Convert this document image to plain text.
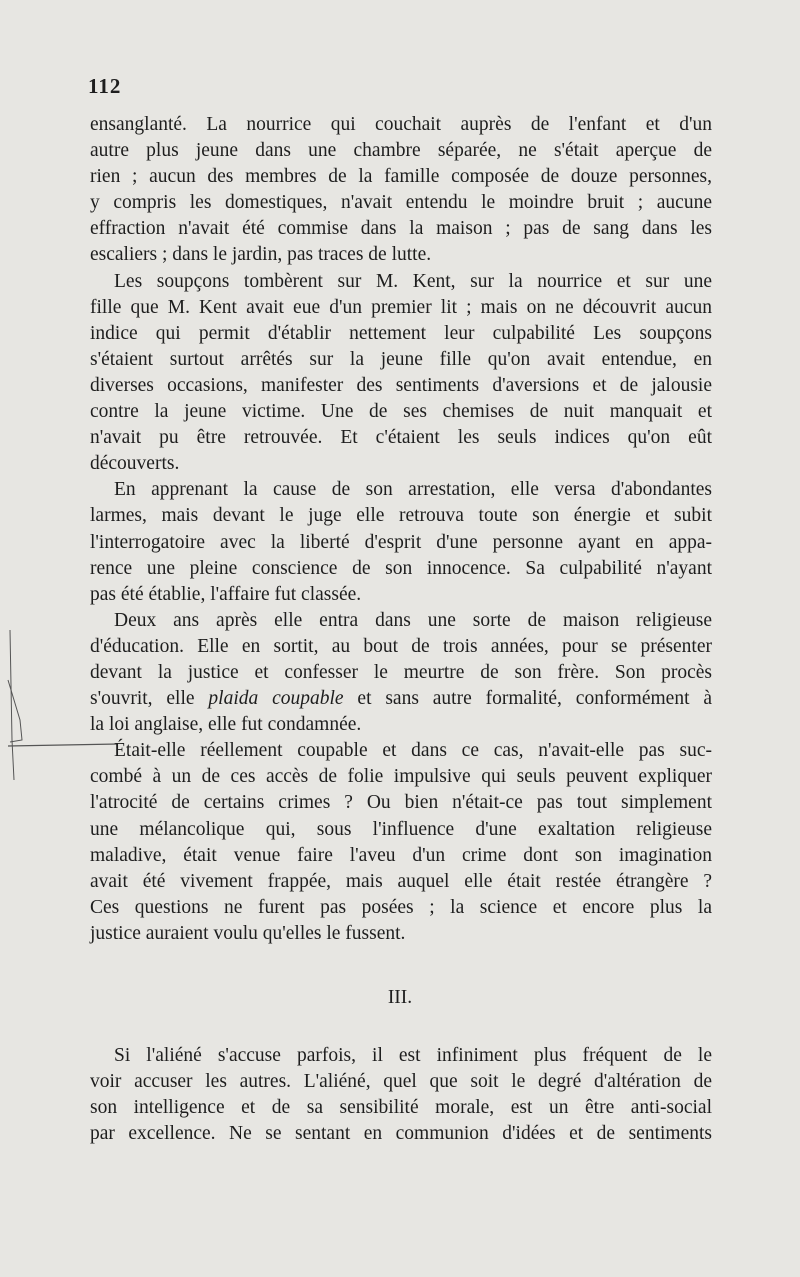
112
ensanglanté. La nourrice qui couchait auprès de l'enfant et d'un
autre plus jeune dans une chambre séparée, ne s'était aperçue de
rien ; aucun des membres de la famille composée de douze personnes,
y compris les domestiques, n'avait entendu le moindre bruit ; aucune
effraction n'avait été commise dans la maison ; pas de sang dans les
escaliers ; dans le jardin, pas traces de lutte.
Les soupçons tombèrent sur M. Kent, sur la nourrice et sur une
fille que M. Kent avait eue d'un premier lit ; mais on ne découvrit aucun
indice qui permit d'établir nettement leur culpabilité Les soupçons
s'étaient surtout arrêtés sur la jeune fille qu'on avait entendue, en
diverses occasions, manifester des sentiments d'aversions et de jalousie
contre la jeune victime. Une de ses chemises de nuit manquait et
n'avait pu être retrouvée. Et c'étaient les seuls indices qu'on eût
découverts.
En apprenant la cause de son arrestation, elle versa d'abondantes
larmes, mais devant le juge elle retrouva toute son énergie et subit
l'interrogatoire avec la liberté d'esprit d'une personne ayant en appa-
rence une pleine conscience de son innocence. Sa culpabilité n'ayant
pas été établie, l'affaire fut classée.
Deux ans après elle entra dans une sorte de maison religieuse
d'éducation. Elle en sortit, au bout de trois années, pour se présenter
devant la justice et confesser le meurtre de son frère. Son procès
s'ouvrit, elle plaida coupable et sans autre formalité, conformément à
la loi anglaise, elle fut condamnée.
Était-elle réellement coupable et dans ce cas, n'avait-elle pas suc-
combé à un de ces accès de folie impulsive qui seuls peuvent expliquer
l'atrocité de certains crimes ? Ou bien n'était-ce pas tout simplement
une mélancolique qui, sous l'influence d'une exaltation religieuse
maladive, était venue faire l'aveu d'un crime dont son imagination
avait été vivement frappée, mais auquel elle était restée étrangère ?
Ces questions ne furent pas posées ; la science et encore plus la
justice auraient voulu qu'elles le fussent.
III.
Si l'aliéné s'accuse parfois, il est infiniment plus fréquent de le
voir accuser les autres. L'aliéné, quel que soit le degré d'altération de
son intelligence et de sa sensibilité morale, est un être anti-social
par excellence. Ne se sentant en communion d'idées et de sentiments
